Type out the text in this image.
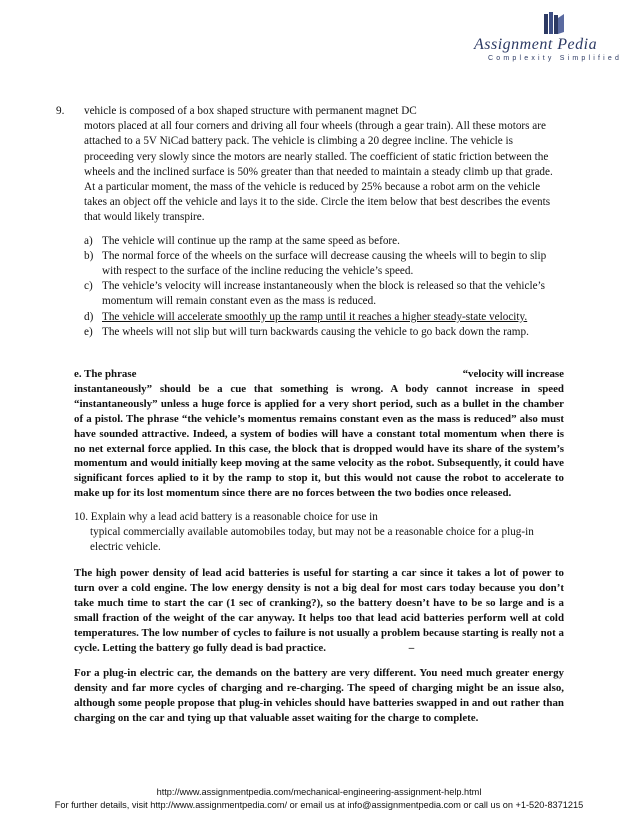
Assignment Pedia
Complexity Simplified
9. vehicle is composed of a box shaped structure with permanent magnet DC
motors placed at all four corners and driving all four wheels (through a gear train). All these motors are attached to a 5V NiCad battery pack. The vehicle is climbing a 20 degree incline. The vehicle is proceeding very slowly since the motors are nearly stalled. The coefficient of static friction between the wheels and the inclined surface is 50% greater than that needed to maintain a steady climb up that grade. At a particular moment, the mass of the vehicle is reduced by 25% because a robot arm on the vehicle takes an object off the vehicle and lays it to the side. Circle the item below that best describes the events that would likely transpire.
a) The vehicle will continue up the ramp at the same speed as before.
b) The normal force of the wheels on the surface will decrease causing the wheels will to begin to slip with respect to the surface of the incline reducing the vehicle’s speed.
c) The vehicle’s velocity will increase instantaneously when the block is released so that the vehicle’s momentum will remain constant even as the mass is reduced.
d) The vehicle will accelerate smoothly up the ramp until it reaches a higher steady-state velocity.
e) The wheels will not slip but will turn backwards causing the vehicle to go back down the ramp.
e. The phrase	“velocity will increase
instantaneously” should be a cue that something is wrong. A body cannot increase in speed “instantaneously” unless a huge force is applied for a very short period, such as a bullet in the chamber of a pistol. The phrase “the vehicle’s momentus remains constant even as the mass is reduced” also must have sounded attractive. Indeed, a system of bodies will have a constant total momentum when there is no net external force applied. In this case, the block that is dropped would have its share of the system’s momentum and would initially keep moving at the same velocity as the robot. Subsequently, it could have significant forces aplied to it by the ramp to stop it, but this would not cause the robot to accelerate to make up for its lost momentum since there are no forces between the two bodies once released.
10. Explain why a lead acid battery is a reasonable choice for use in
typical commercially available automobiles today, but may not be a reasonable choice for a plug-in electric vehicle.
The high power density of lead acid batteries is useful for starting a car since it takes a lot of power to turn over a cold engine. The low energy density is not a big deal for most cars today because you don’t take much time to start the car (1 sec of cranking?), so the battery doesn’t have to be so large and is a small fraction of the weight of the car anyway. It helps too that lead acid batteries perform well at cold temperatures. The low number of cycles to failure is not usually a problem because starting is really not a cycle. Letting the battery go fully dead is bad practice.	–
For a plug-in electric car, the demands on the battery are very different. You need much greater energy density and far more cycles of charging and re-charging. The speed of charging might be an issue also, although some people propose that plug-in vehicles should have batteries swapped in and out rather than charging on the car and tying up that valuable asset waiting for the charge to complete.
http://www.assignmentpedia.com/mechanical-engineering-assignment-help.html
For further details, visit http://www.assignmentpedia.com/ or email us at info@assignmentpedia.com or call us on +1-520-8371215
